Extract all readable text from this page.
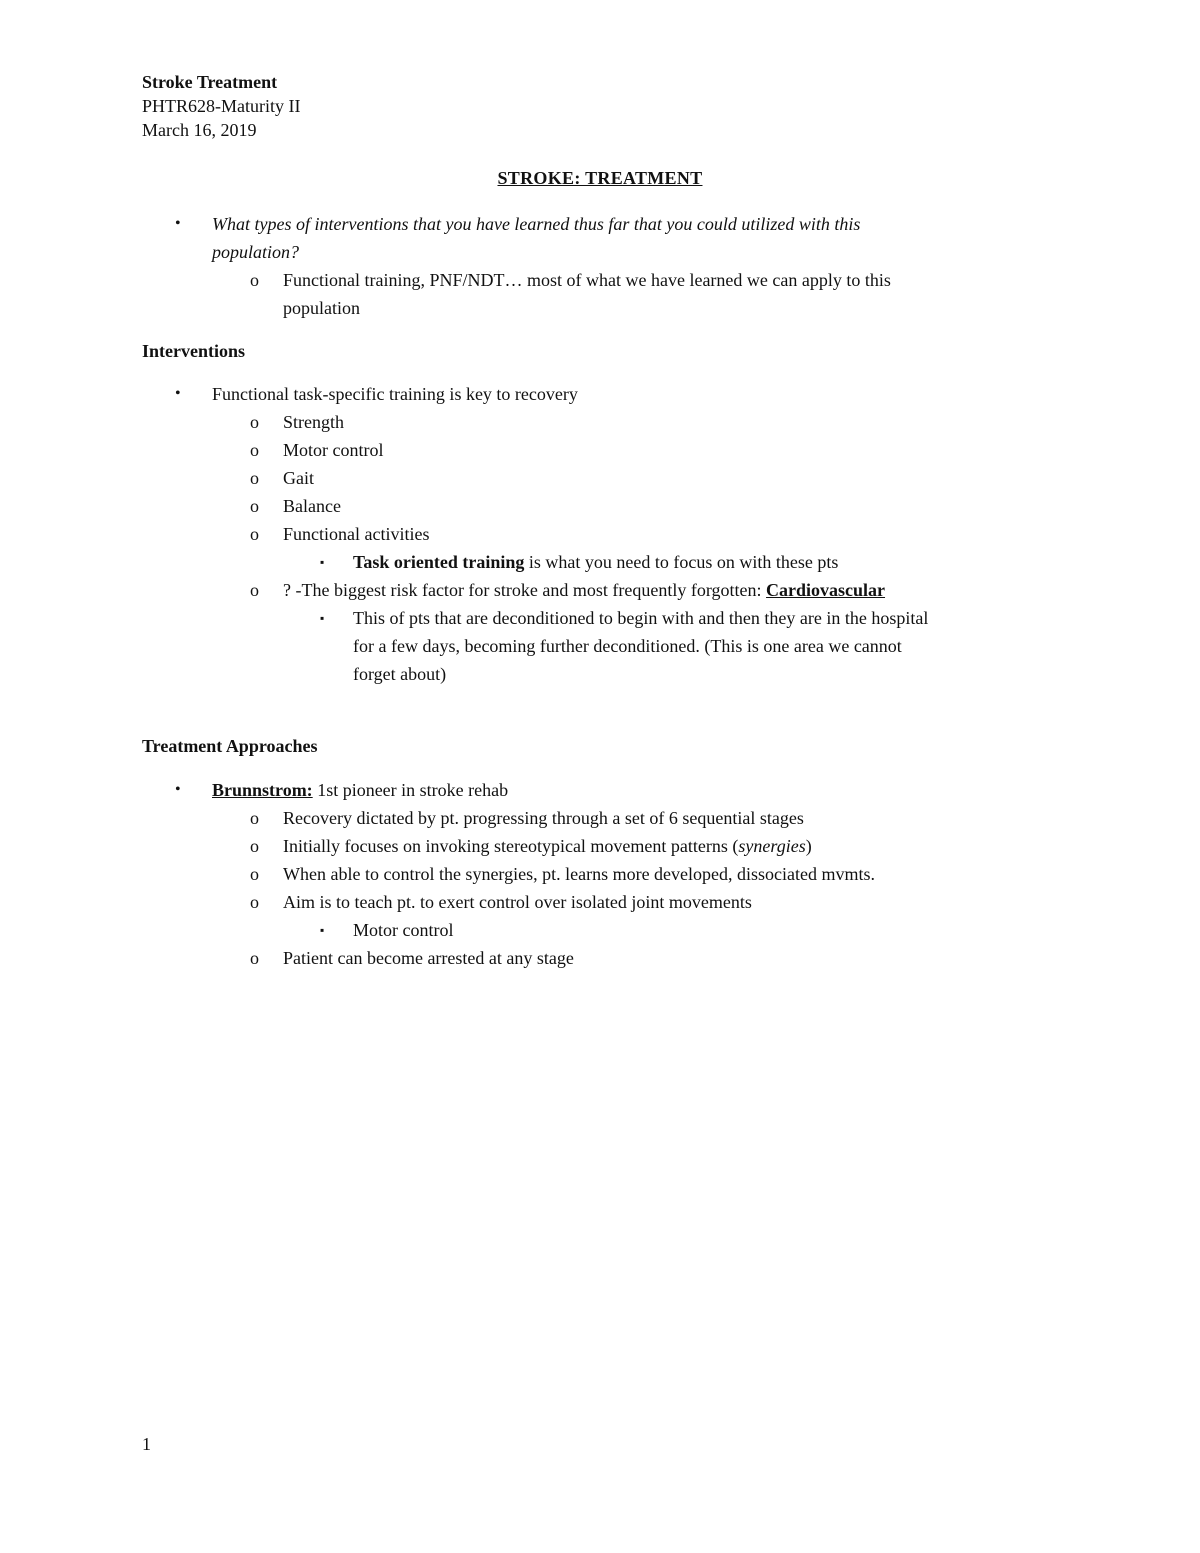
Stroke Treatment
PHTR628-Maturity II
March 16, 2019
STROKE: TREATMENT
• What types of interventions that you have learned thus far that you could utilized with this
population?
o Functional training, PNF/NDT… most of what we have learned we can apply to this
population
Interventions
• Functional task-specific training is key to recovery
o Strength
o Motor control
o Gait
o Balance
o Functional activities
▪ Task oriented training is what you need to focus on with these pts
o ? -The biggest risk factor for stroke and most frequently forgotten: Cardiovascular
▪ This of pts that are deconditioned to begin with and then they are in the hospital
for a few days, becoming further deconditioned. (This is one area we cannot
forget about)
Treatment Approaches
• Brunnstrom: 1st pioneer in stroke rehab
o Recovery dictated by pt. progressing through a set of 6 sequential stages
o Initially focuses on invoking stereotypical movement patterns (synergies)
o When able to control the synergies, pt. learns more developed, dissociated mvmts.
o Aim is to teach pt. to exert control over isolated joint movements
▪ Motor control
o Patient can become arrested at any stage
1
